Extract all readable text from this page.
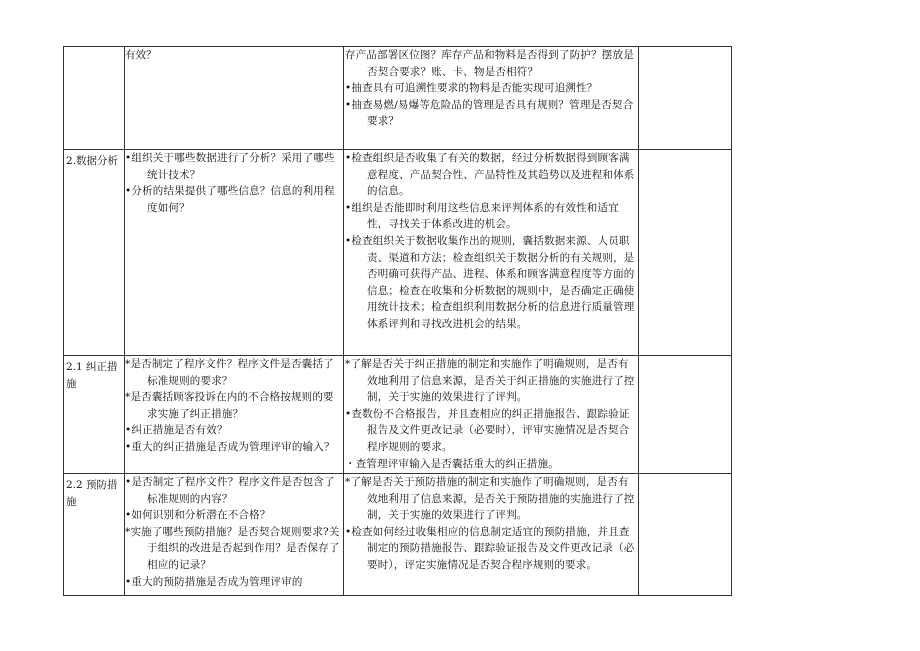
	有效？	存产品部署区位图？库存产品和物料是否得到了防护？摆放是否契合要求？账、卡、物是否相符？
•抽查具有可追溯性要求的物料是否能实现可追溯性？
•抽查易燃/易爆等危险品的管理是否具有规则？管理是否契合要求？	

2.数据分析	•组织关于哪些数据进行了分析？采用了哪些统计技术？
•分析的结果提供了哪些信息？信息的利用程度如何？	•检查组织是否收集了有关的数据，经过分析数据得到顾客满意程度、产品契合性、产品特性及其趋势以及进程和体系的信息。
•组织是否能即时利用这些信息来评判体系的有效性和适宜性，寻找关于体系改进的机会。
•检查组织关于数据收集作出的规则，囊括数据来源、人员职责、渠道和方法；检查组织关于数据分析的有关规则，是否明确可获得产品、进程、体系和顾客满意程度等方面的信息；检查在收集和分析数据的规则中，是否确定正确使用统计技术；检查组织利用数据分析的信息进行质量管理体系评判和寻找改进机会的结果。	

2.1 纠正措施	*是否制定了程序文件？程序文件是否囊括了标准规则的要求？
*是否囊括顾客投诉在内的不合格按规则的要求实施了纠正措施？
•纠正措施是否有效？
•重大的纠正措施是否成为管理评审的输入？	*了解是否关于纠正措施的制定和实施作了明确规则，是否有效地利用了信息来源，是否关于纠正措施的实施进行了控制，关于实施的效果进行了评判。
•查数份不合格报告，并且查相应的纠正措施报告、跟踪验证报告及文件更改记录（必要时），评审实施情况是否契合程序规则的要求。
・查管理评审输入是否囊括重大的纠正措施。	

2.2 预防措施	•是否制定了程序文件？程序文件是否包含了标准规则的内容？
•如何识别和分析潜在不合格？
*实施了哪些预防措施？是否契合规则要求?关于组织的改进是否起到作用？是否保存了相应的记录？
•重大的预防措施是否成为管理评审的	*了解是否关于预防措施的制定和实施作了明确规则，是否有效地利用了信息来源，是否关于预防措施的实施进行了控制，关于实施的效果进行了评判。
•检查如何经过收集相应的信息制定适宜的预防措施，并且查制定的预防措施报告、跟踪验证报告及文件更改记录（必要时），评定实施情况是否契合程序规则的要求。	
